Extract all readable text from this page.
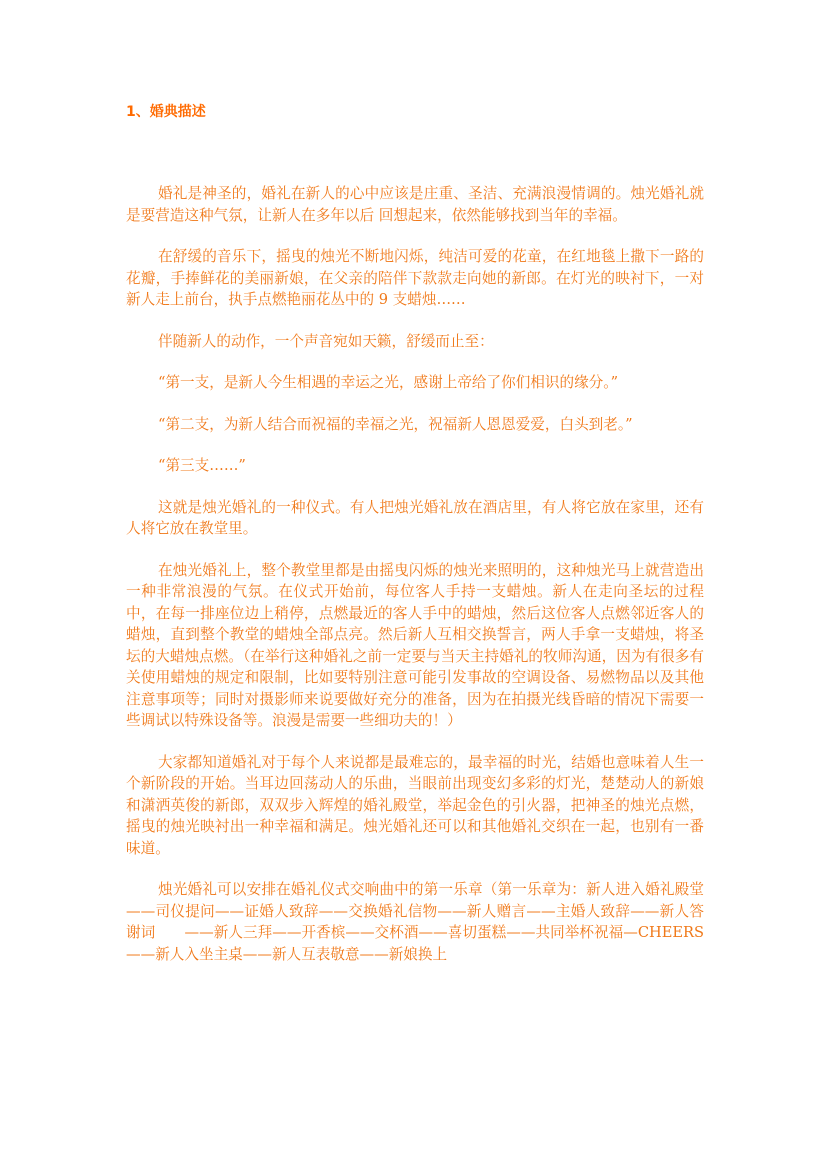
1、婚典描述

婚礼是神圣的，婚礼在新人的心中应该是庄重、圣洁、充满浪漫情调的。烛光婚礼就是要营造这种气氛，让新人在多年以后 回想起来，依然能够找到当年的幸福。

在舒缓的音乐下，摇曳的烛光不断地闪烁，纯洁可爱的花童，在红地毯上撒下一路的花瓣，手捧鲜花的美丽新娘，在父亲的陪伴下款款走向她的新郎。在灯光的映衬下，一对新人走上前台，执手点燃艳丽花丛中的 9 支蜡烛……

伴随新人的动作，一个声音宛如天籁，舒缓而止至：

“第一支，是新人今生相遇的幸运之光，感谢上帝给了你们相识的缘分。”

“第二支，为新人结合而祝福的幸福之光，祝福新人恩恩爱爱，白头到老。”

“第三支……”

这就是烛光婚礼的一种仪式。有人把烛光婚礼放在酒店里，有人将它放在家里，还有人将它放在教堂里。

在烛光婚礼上，整个教堂里都是由摇曳闪烁的烛光来照明的，这种烛光马上就营造出一种非常浪漫的气氛。在仪式开始前，每位客人手持一支蜡烛。新人在走向圣坛的过程中，在每一排座位边上稍停，点燃最近的客人手中的蜡烛，然后这位客人点燃邻近客人的蜡烛，直到整个教堂的蜡烛全部点亮。然后新人互相交换誓言，两人手拿一支蜡烛，将圣坛的大蜡烛点燃。（在举行这种婚礼之前一定要与当天主持婚礼的牧师沟通，因为有很多有关使用蜡烛的规定和限制，比如要特别注意可能引发事故的空调设备、易燃物品以及其他注意事项等；同时对摄影师来说要做好充分的准备，因为在拍摄光线昏暗的情况下需要一些调试以特殊设备等。浪漫是需要一些细功夫的！）

大家都知道婚礼对于每个人来说都是最难忘的，最幸福的时光，结婚也意味着人生一个新阶段的开始。当耳边回荡动人的乐曲，当眼前出现变幻多彩的灯光，楚楚动人的新娘和潇洒英俊的新郎，双双步入辉煌的婚礼殿堂，举起金色的引火器，把神圣的烛光点燃，摇曳的烛光映衬出一种幸福和满足。烛光婚礼还可以和其他婚礼交织在一起，也别有一番味道。

烛光婚礼可以安排在婚礼仪式交响曲中的第一乐章（第一乐章为：新人进入婚礼殿堂——司仪提问——证婚人致辞——交换婚礼信物——新人赠言——主婚人致辞——新人答谢词　　——新人三拜——开香槟——交杯酒——喜切蛋糕——共同举杯祝福—CHEERS——新人入坐主桌——新人互表敬意——新娘换上
